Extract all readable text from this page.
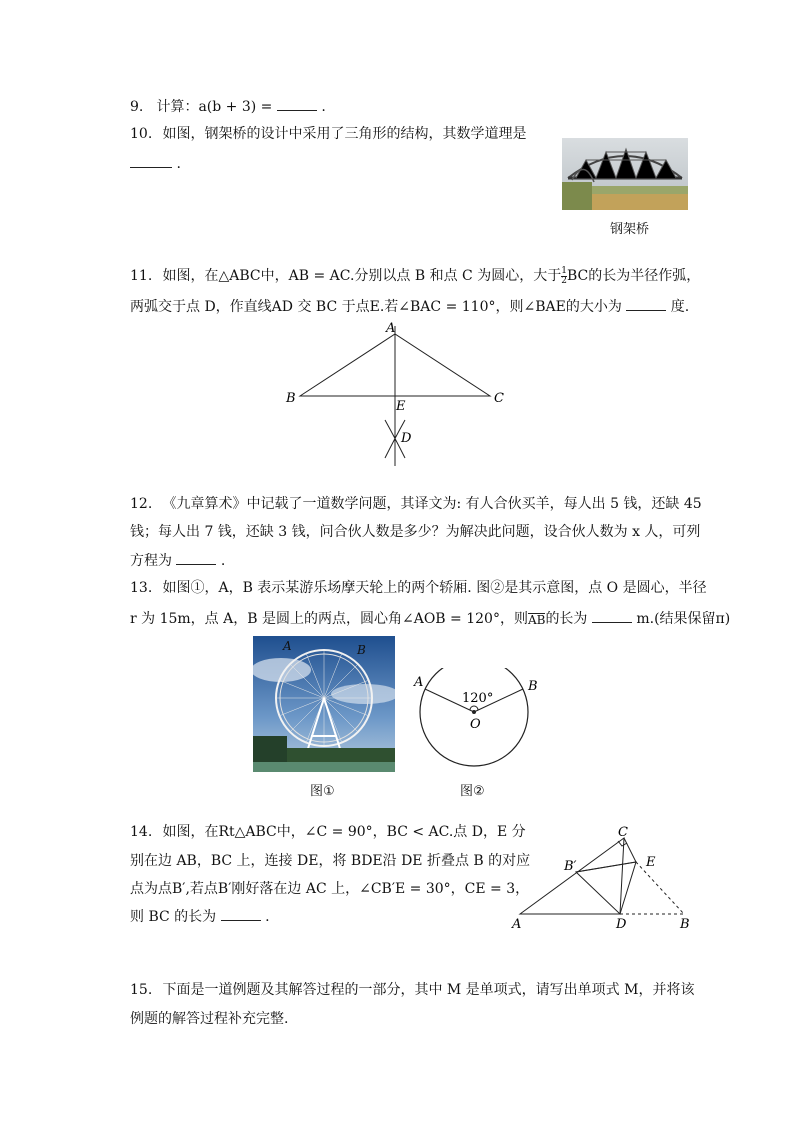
9. 计算：a(b + 3) =	.
10. 如图，钢架桥的设计中采用了三角形的结构，其数学道理是
.
钢架桥
11. 如图，在△ABC中，AB = AC.分别以点 B 和点 C 为圆心，大于 $\frac{1}{2}$ BC的长为半径作弧，
两弧交于点 D，作直线AD 交 BC 于点E.若∠BAC = 110°，则∠BAE的大小为	度.
A
B	C
E
D
12. 《九章算术》中记载了一道数学问题，其译文为: 有人合伙买羊，每人出 5 钱，还缺 45
钱；每人出 7 钱，还缺 3 钱，问合伙人数是多少？为解决此问题，设合伙人数为 x 人，可列
方程为	.
13. 如图①，A，B 表示某游乐场摩天轮上的两个轿厢. 图②是其示意图，点 O 是圆心，半径
r 为 15m，点 A，B 是圆上的两点，圆心角∠AOB = 120°，则AB的长为	m.(结果保留π)
A	B
120°
A	B
O
图①	图②
14. 如图，在Rt△ABC中，∠C = 90°，BC < AC.点 D，E 分
别在边 AB，BC 上，连接 DE，将 BDE沿 DE 折叠点 B 的对应
点为点B′,若点B′刚好落在边 AC 上，∠CB′E = 30°，CE = 3，
则 BC 的长为	.
C
B′	E
A	D	B
15. 下面是一道例题及其解答过程的一部分，其中 M 是单项式，请写出单项式 M，并将该
例题的解答过程补充完整.
